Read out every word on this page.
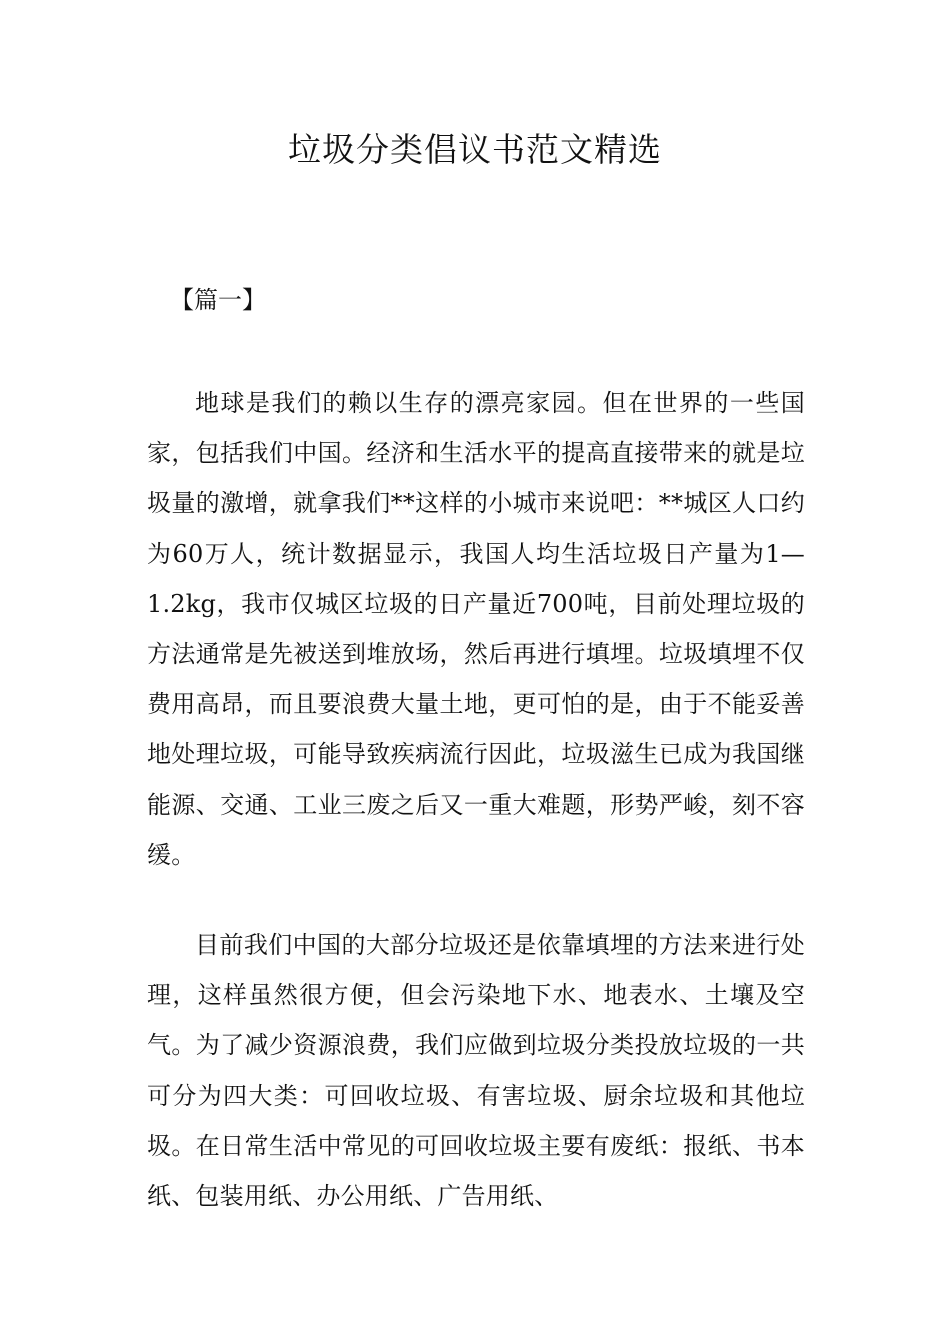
垃圾分类倡议书范文精选

【篇一】

地球是我们的赖以生存的漂亮家园。但在世界的一些国家，包括我们中国。经济和生活水平的提高直接带来的就是垃圾量的激增，就拿我们**这样的小城市来说吧：**城区人口约为60万人，统计数据显示，我国人均生活垃圾日产量为1—1.2kg，我市仅城区垃圾的日产量近700吨，目前处理垃圾的方法通常是先被送到堆放场，然后再进行填埋。垃圾填埋不仅费用高昂，而且要浪费大量土地，更可怕的是，由于不能妥善地处理垃圾，可能导致疾病流行因此，垃圾滋生已成为我国继能源、交通、工业三废之后又一重大难题，形势严峻，刻不容缓。

目前我们中国的大部分垃圾还是依靠填埋的方法来进行处理，这样虽然很方便，但会污染地下水、地表水、土壤及空气。为了减少资源浪费，我们应做到垃圾分类投放垃圾的一共可分为四大类：可回收垃圾、有害垃圾、厨余垃圾和其他垃圾。在日常生活中常见的可回收垃圾主要有废纸：报纸、书本纸、包装用纸、办公用纸、广告用纸、
